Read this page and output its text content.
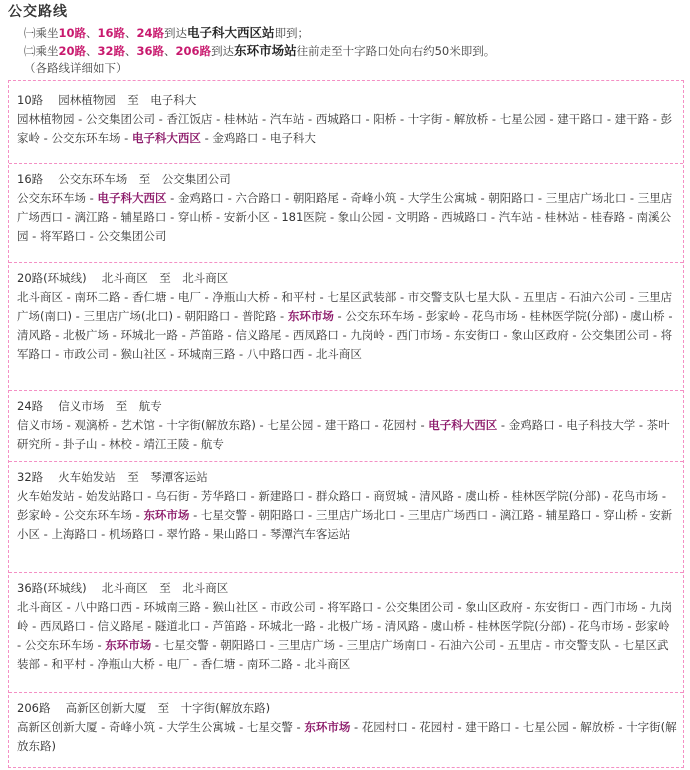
公交路线
㈠乘坐10路、16路、24路到达电子科大西区站即到；
㈡乘坐20路、32路、36路、206路到达东环市场站往前走至十字路口处向右约50米即到。
（各路线详细如下）
10路　 园林植物园　至　电子科大
园林植物园 - 公交集团公司 - 香江饭店 - 桂林站 - 汽车站 - 西城路口 - 阳桥 - 十字街 - 解放桥 - 七星公园 - 建干路口 - 建干路 - 彭家岭 - 公交东环车场 - 电子科大西区 - 金鸡路口 - 电子科大
16路　 公交东环车场　至　公交集团公司
公交东环车场 - 电子科大西区 - 金鸡路口 - 六合路口 - 朝阳路尾 - 奇峰小筑 - 大学生公寓城 - 朝阳路口 - 三里店广场北口 - 三里店广场西口 - 漓江路 - 辅星路口 - 穿山桥 - 安新小区 - 181医院 - 象山公园 - 文明路 - 西城路口 - 汽车站 - 桂林站 - 桂春路 - 南溪公园 - 将军路口 - 公交集团公司
20路(环城线)　 北斗商区　至　北斗商区
北斗商区 - 南环二路 - 香仁塘 - 电厂 - 净瓶山大桥 - 和平村 - 七星区武装部 - 市交警支队七星大队 - 五里店 - 石油六公司 - 三里店广场(南口) - 三里店广场(北口) - 朝阳路口 - 普陀路 - 东环市场 - 公交东环车场 - 彭家岭 - 花鸟市场 - 桂林医学院(分部) - 虞山桥 - 清风路 - 北极广场 - 环城北一路 - 芦笛路 - 信义路尾 - 西凤路口 - 九岗岭 - 西门市场 - 东安街口 - 象山区政府 - 公交集团公司 - 将军路口 - 市政公司 - 猴山社区 - 环城南三路 - 八中路口西 - 北斗商区
24路　 信义市场　至　航专
信义市场 - 观漓桥 - 艺术馆 - 十字街(解放东路) - 七星公园 - 建干路口 - 花园村 - 电子科大西区 - 金鸡路口 - 电子科技大学 - 茶叶研究所 - 卦子山 - 林校 - 靖江王陵 - 航专
32路　 火车始发站　至　琴潭客运站
火车始发站 - 始发站路口 - 乌石街 - 芳华路口 - 新建路口 - 群众路口 - 商贸城 - 清风路 - 虞山桥 - 桂林医学院(分部) - 花鸟市场 - 彭家岭 - 公交东环车场 - 东环市场 - 七星交警 - 朝阳路口 - 三里店广场北口 - 三里店广场西口 - 漓江路 - 辅星路口 - 穿山桥 - 安新小区 - 上海路口 - 机场路口 - 翠竹路 - 果山路口 - 琴潭汽车客运站
36路(环城线)　 北斗商区　至　北斗商区
北斗商区 - 八中路口西 - 环城南三路 - 猴山社区 - 市政公司 - 将军路口 - 公交集团公司 - 象山区政府 - 东安街口 - 西门市场 - 九岗岭 - 西凤路口 - 信义路尾 - 隧道北口 - 芦笛路 - 环城北一路 - 北极广场 - 清风路 - 虞山桥 - 桂林医学院(分部) - 花鸟市场 - 彭家岭 - 公交东环车场 - 东环市场 - 七星交警 - 朝阳路口 - 三里店广场 - 三里店广场南口 - 石油六公司 - 五里店 - 市交警支队 - 七星区武装部 - 和平村 - 净瓶山大桥 - 电厂 - 香仁塘 - 南环二路 - 北斗商区
206路　 高新区创新大厦　至　十字街(解放东路)
高新区创新大厦 - 奇峰小筑 - 大学生公寓城 - 七星交警 - 东环市场 - 花园村口 - 花园村 - 建干路口 - 七星公园 - 解放桥 - 十字街(解放东路)
